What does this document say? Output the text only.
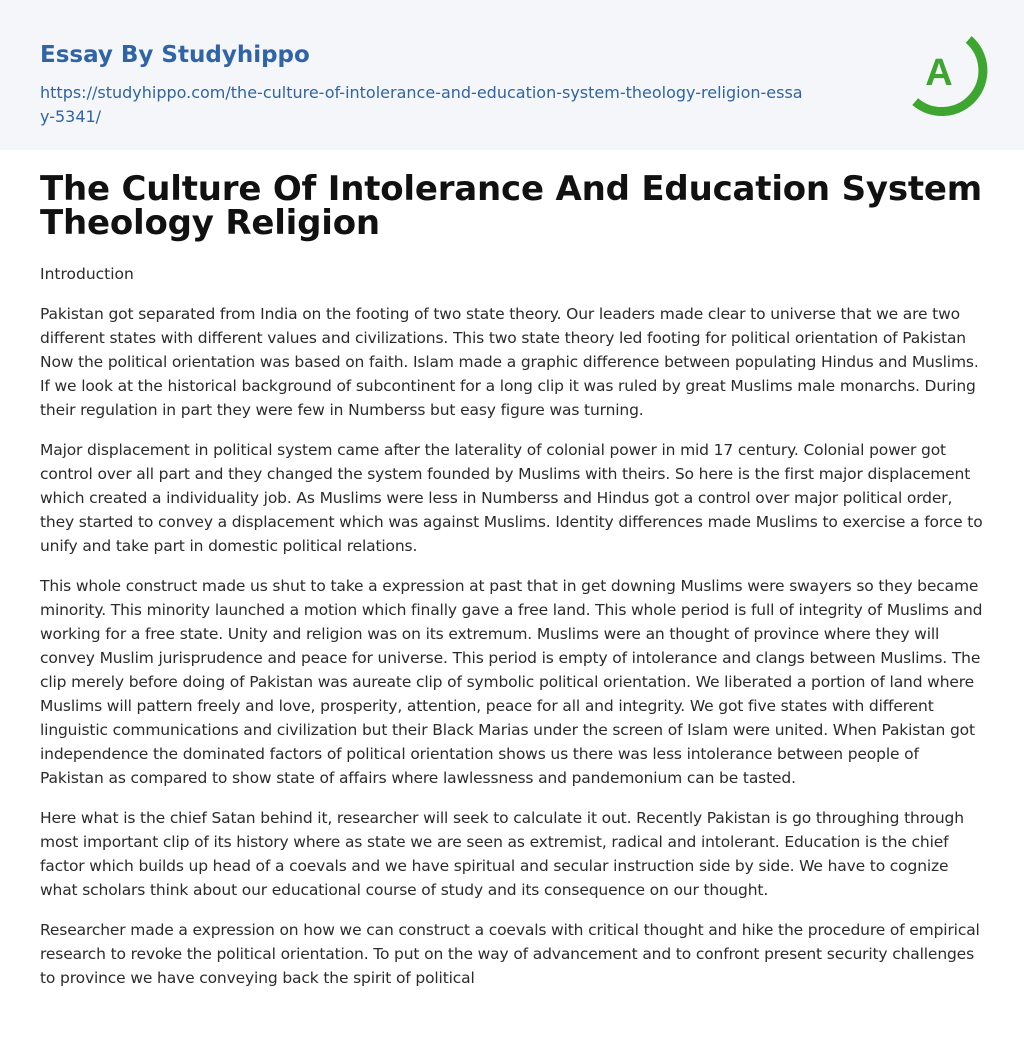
Essay By Studyhippo
https://studyhippo.com/the-culture-of-intolerance-and-education-system-theology-religion-essay-5341/
A
The Culture Of Intolerance And Education System Theology Religion

Introduction

Pakistan got separated from India on the footing of two state theory. Our leaders made clear to universe that we are two different states with different values and civilizations. This two state theory led footing for political orientation of Pakistan Now the political orientation was based on faith. Islam made a graphic difference between populating Hindus and Muslims. If we look at the historical background of subcontinent for a long clip it was ruled by great Muslims male monarchs. During their regulation in part they were few in Numberss but easy figure was turning.

Major displacement in political system came after the laterality of colonial power in mid 17 century. Colonial power got control over all part and they changed the system founded by Muslims with theirs. So here is the first major displacement which created a individuality job. As Muslims were less in Numberss and Hindus got a control over major political order, they started to convey a displacement which was against Muslims. Identity differences made Muslims to exercise a force to unify and take part in domestic political relations.

This whole construct made us shut to take a expression at past that in get downing Muslims were swayers so they became minority. This minority launched a motion which finally gave a free land. This whole period is full of integrity of Muslims and working for a free state. Unity and religion was on its extremum. Muslims were an thought of province where they will convey Muslim jurisprudence and peace for universe. This period is empty of intolerance and clangs between Muslims. The clip merely before doing of Pakistan was aureate clip of symbolic political orientation. We liberated a portion of land where Muslims will pattern freely and love, prosperity, attention, peace for all and integrity. We got five states with different linguistic communications and civilization but their Black Marias under the screen of Islam were united. When Pakistan got independence the dominated factors of political orientation shows us there was less intolerance between people of Pakistan as compared to show state of affairs where lawlessness and pandemonium can be tasted.

Here what is the chief Satan behind it, researcher will seek to calculate it out. Recently Pakistan is go throughing through most important clip of its history where as state we are seen as extremist, radical and intolerant. Education is the chief factor which builds up head of a coevals and we have spiritual and secular instruction side by side. We have to cognize what scholars think about our educational course of study and its consequence on our thought.

Researcher made a expression on how we can construct a coevals with critical thought and hike the procedure of empirical research to revoke the political orientation. To put on the way of advancement and to confront present security challenges to province we have conveying back the spirit of political
